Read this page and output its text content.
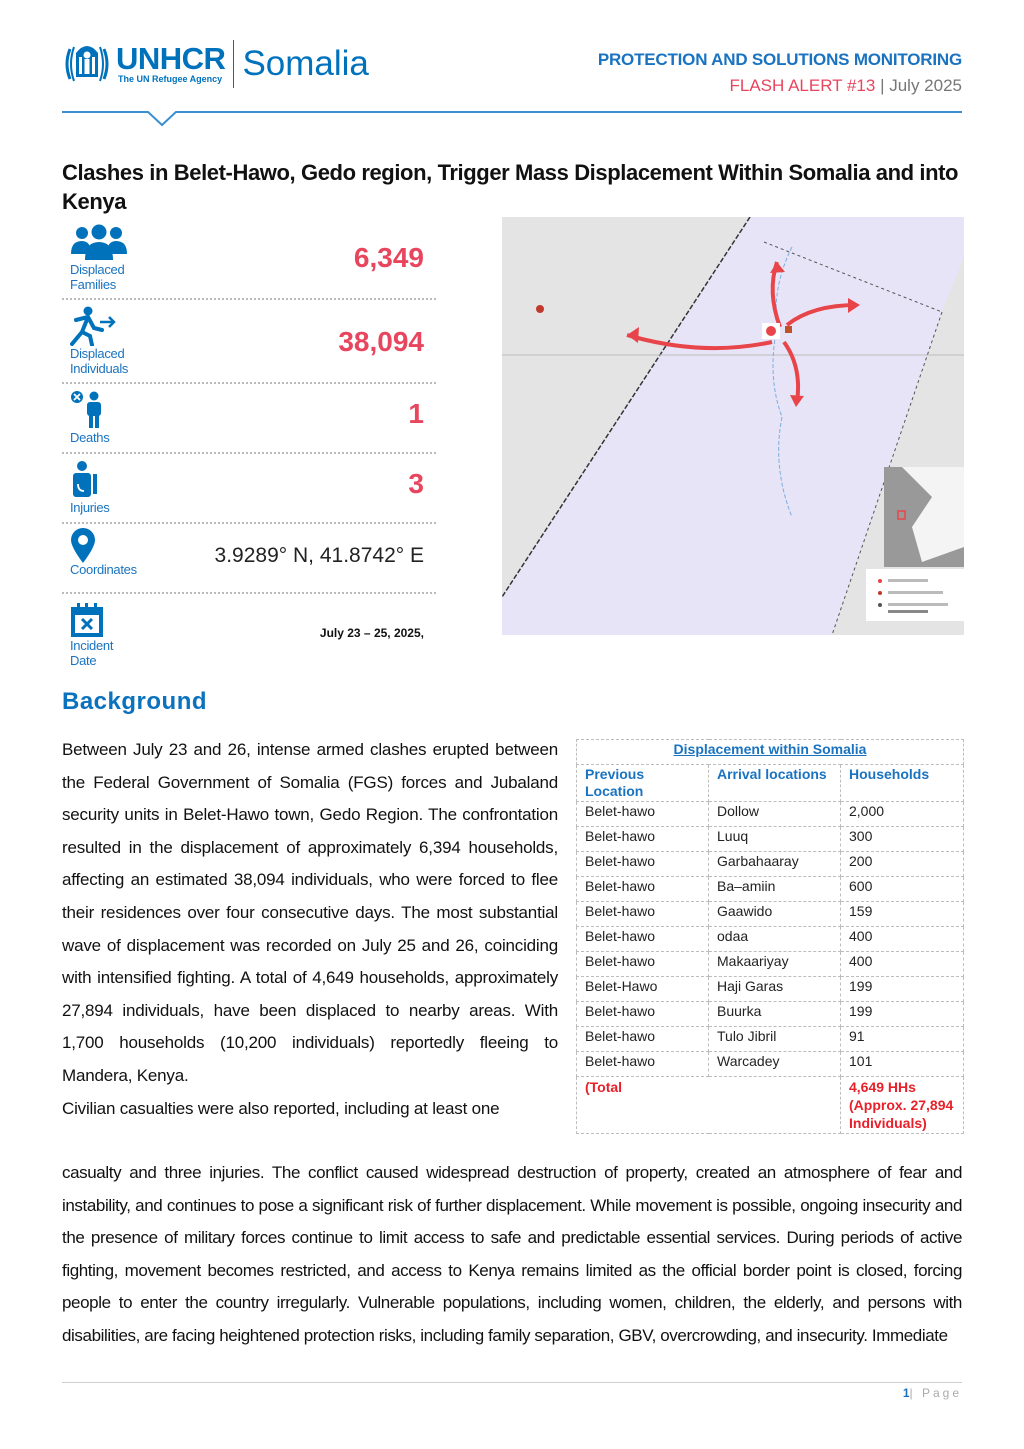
UNHCR
The UN Refugee Agency Somalia	PROTECTION AND SOLUTIONS MONITORING
FLASH ALERT #13 | July 2025
Clashes in Belet-Hawo, Gedo region, Trigger Mass Displacement Within Somalia and into Kenya
Displaced Families
6,349
Displaced Individuals
38,094
Deaths
1
Injuries
3
Coordinates
3.9289° N, 41.8742° E
Incident Date
July 23 – 25, 2025,
Background

Between July 23 and 26, intense armed clashes erupted between the Federal Government of Somalia (FGS) forces and Jubaland security units in Belet-Hawo town, Gedo Region. The confrontation resulted in the displacement of approximately 6,394 households, affecting an estimated 38,094 individuals, who were forced to flee their residences over four consecutive days. The most substantial wave of displacement was recorded on July 25 and 26, coinciding with intensified fighting. A total of 4,649 households, approximately 27,894 individuals, have been displaced to nearby areas. With 1,700 households (10,200 individuals) reportedly fleeing to Mandera, Kenya.

Civilian casualties were also reported, including at least one

casualty and three injuries. The conflict caused widespread destruction of property, created an atmosphere of fear and instability, and continues to pose a significant risk of further displacement. While movement is possible, ongoing insecurity and the presence of military forces continue to limit access to safe and predictable essential services. During periods of active fighting, movement becomes restricted, and access to Kenya remains limited as the official border point is closed, forcing people to enter the country irregularly. Vulnerable populations, including women, children, the elderly, and persons with disabilities, are facing heightened protection risks, including family separation, GBV, overcrowding, and insecurity. Immediate
Displacement within Somalia		
Previous Location	Arrival locations	Households
Belet-hawo	Dollow	2,000
Belet-hawo	Luuq	300
Belet-hawo	Garbahaaray	200
Belet-hawo	Ba–amiin	600
Belet-hawo	Gaawido	159
Belet-hawo	odaa	400
Belet-hawo	Makaariyay	400
Belet-Hawo	Haji Garas	199
Belet-hawo	Buurka	199
Belet-hawo	Tulo Jibril	91
Belet-hawo	Warcadey	101
(Total		4,649 HHs (Approx. 27,894 Individuals)
1| Page
